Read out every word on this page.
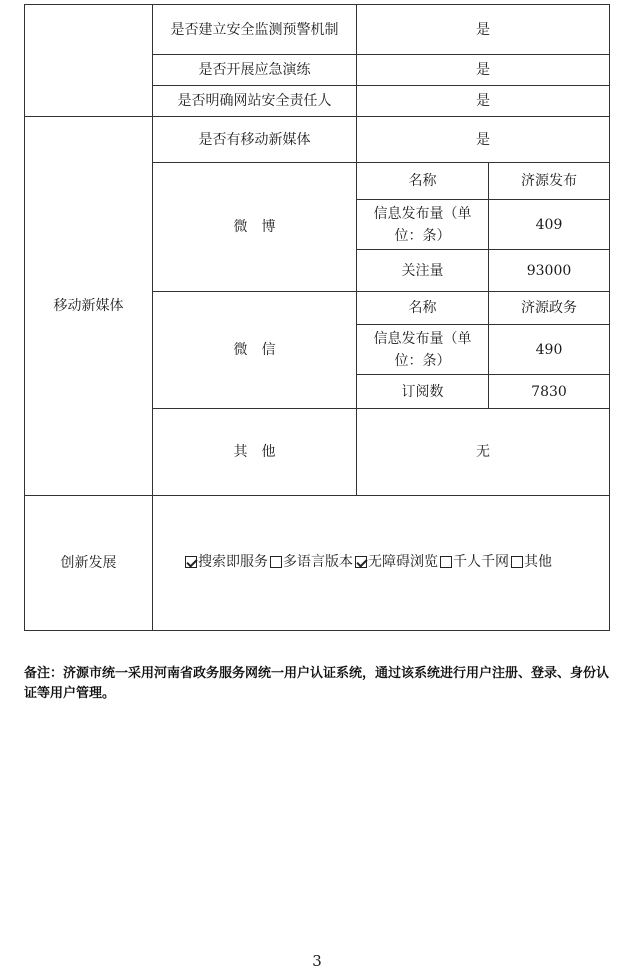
	是否建立安全监测预警机制	是	
	是否开展应急演练	是	
	是否明确网站安全责任人	是	
移动新媒体	是否有移动新媒体	是	
	微　博	名称	济源发布
		信息发布量（单位：条）	409
		关注量	93000
	微　信	名称	济源政务
		信息发布量（单位：条）	490
		订阅数	7830
	其　他	无	
创新发展	搜索即服务 多语言版本 无障碍浏览 千人千网 其他		
备注：济源市统一采用河南省政务服务网统一用户认证系统，通过该系统进行用户注册、登录、身份认证等用户管理。
3
